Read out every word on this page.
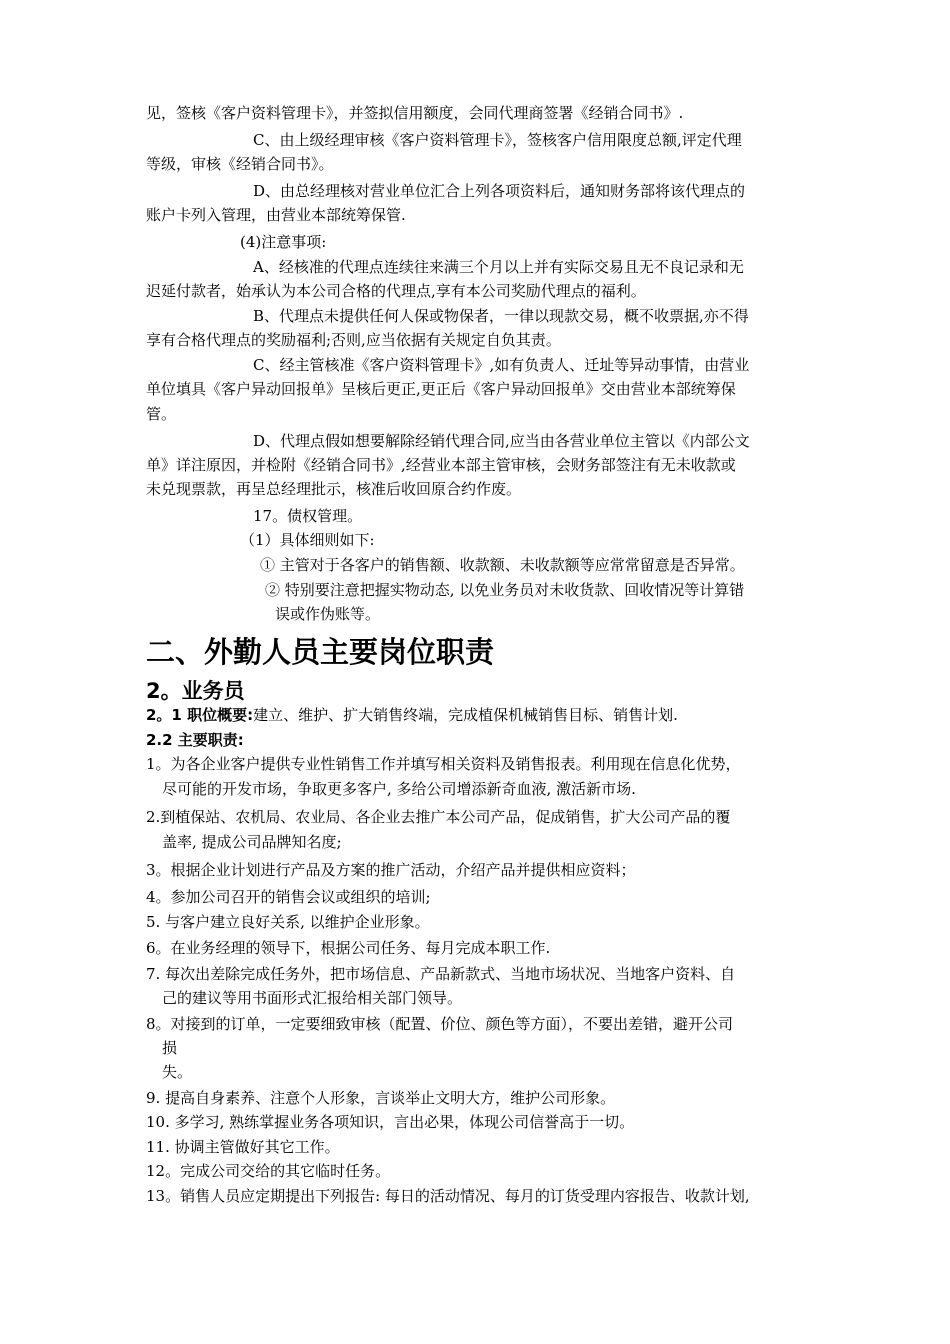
见，签核《客户资料管理卡》，并签拟信用额度，会同代理商签署《经销合同书》.
C、由上级经理审核《客户资料管理卡》，签核客户信用限度总额,评定代理
等级，审核《经销合同书》。
D、由总经理核对营业单位汇合上列各项资料后，通知财务部将该代理点的
账户卡列入管理，由营业本部统筹保管.
(4)注意事项:
A、经核准的代理点连续往来满三个月以上并有实际交易且无不良记录和无
迟延付款者，始承认为本公司合格的代理点,享有本公司奖励代理点的福利。
B、代理点未提供任何人保或物保者，一律以现款交易，概不收票据,亦不得
享有合格代理点的奖励福利;否则,应当依据有关规定自负其责。
C、经主管核准《客户资料管理卡》,如有负责人、迁址等异动事情，由营业
单位填具《客户异动回报单》呈核后更正,更正后《客户异动回报单》交由营业本部统筹保
管。
D、代理点假如想要解除经销代理合同,应当由各营业单位主管以《内部公文
单》详注原因，并检附《经销合同书》,经营业本部主管审核，会财务部签注有无未收款或
未兑现票款，再呈总经理批示，核准后收回原合约作废。
17。债权管理。
（1）具体细则如下:
① 主管对于各客户的销售额、收款额、未收款额等应常常留意是否异常。
② 特别要注意把握实物动态, 以免业务员对未收货款、回收情况等计算错
误或作伪账等。
二、外勤人员主要岗位职责
2。业务员
2。1 职位概要:建立、维护、扩大销售终端，完成植保机械销售目标、销售计划.
2.2 主要职责:
1。为各企业客户提供专业性销售工作并填写相关资料及销售报表。利用现在信息化优势，
尽可能的开发市场，争取更多客户, 多给公司增添新奇血液, 激活新市场.
2.到植保站、农机局、农业局、各企业去推广本公司产品，促成销售，扩大公司产品的覆
盖率, 提成公司品牌知名度;
3。根据企业计划进行产品及方案的推广活动，介绍产品并提供相应资料；
4。参加公司召开的销售会议或组织的培训;
5. 与客户建立良好关系, 以维护企业形象。
6。在业务经理的领导下，根据公司任务、每月完成本职工作.
7. 每次出差除完成任务外，把市场信息、产品新款式、当地市场状况、当地客户资料、自
己的建议等用书面形式汇报给相关部门领导。
8。对接到的订单，一定要细致审核（配置、价位、颜色等方面），不要出差错，避开公司
损
失。
9. 提高自身素养、注意个人形象，言谈举止文明大方，维护公司形象。
10. 多学习, 熟练掌握业务各项知识，言出必果，体现公司信誉高于一切。
11. 协调主管做好其它工作。
12。完成公司交给的其它临时任务。
13。销售人员应定期提出下列报告: 每日的活动情况、每月的订货受理内容报告、收款计划,
